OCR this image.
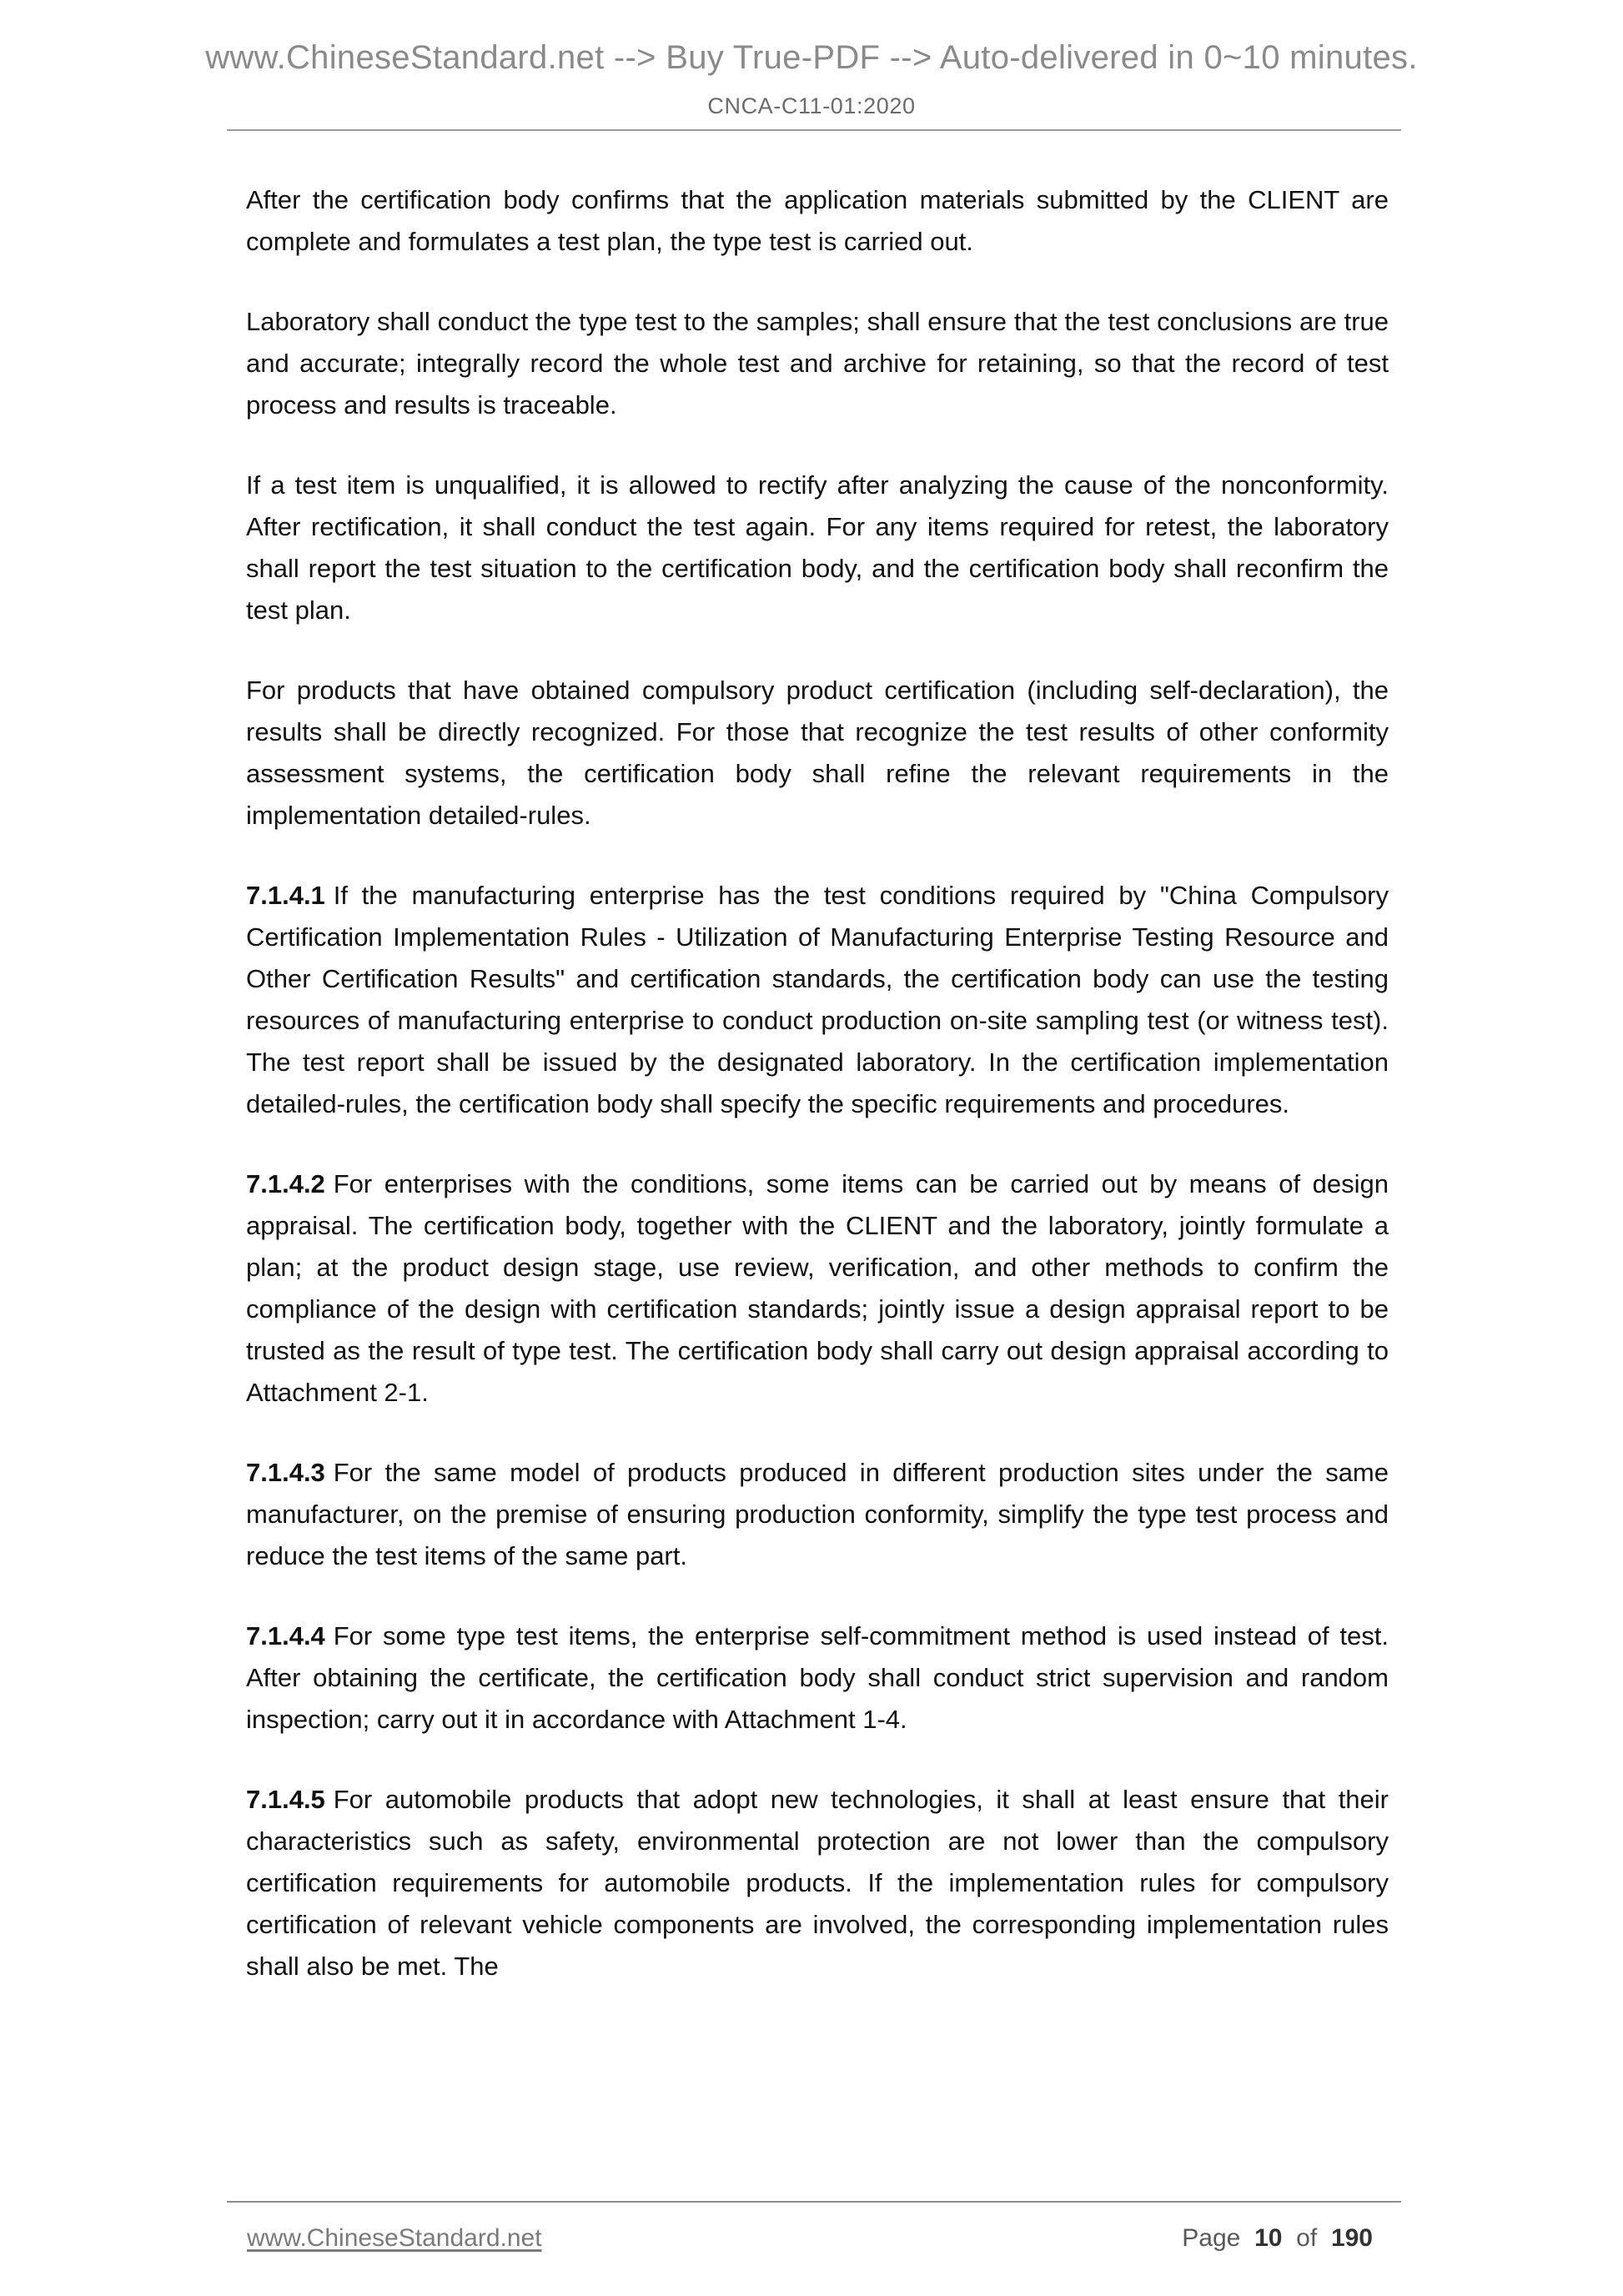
www.ChineseStandard.net --> Buy True-PDF --> Auto-delivered in 0~10 minutes.
CNCA-C11-01:2020

After the certification body confirms that the application materials submitted by the CLIENT are complete and formulates a test plan, the type test is carried out.

Laboratory shall conduct the type test to the samples; shall ensure that the test conclusions are true and accurate; integrally record the whole test and archive for retaining, so that the record of test process and results is traceable.

If a test item is unqualified, it is allowed to rectify after analyzing the cause of the nonconformity. After rectification, it shall conduct the test again. For any items required for retest, the laboratory shall report the test situation to the certification body, and the certification body shall reconfirm the test plan.

For products that have obtained compulsory product certification (including self-declaration), the results shall be directly recognized. For those that recognize the test results of other conformity assessment systems, the certification body shall refine the relevant requirements in the implementation detailed-rules.

7.1.4.1 If the manufacturing enterprise has the test conditions required by "China Compulsory Certification Implementation Rules - Utilization of Manufacturing Enterprise Testing Resource and Other Certification Results" and certification standards, the certification body can use the testing resources of manufacturing enterprise to conduct production on-site sampling test (or witness test). The test report shall be issued by the designated laboratory. In the certification implementation detailed-rules, the certification body shall specify the specific requirements and procedures.

7.1.4.2 For enterprises with the conditions, some items can be carried out by means of design appraisal. The certification body, together with the CLIENT and the laboratory, jointly formulate a plan; at the product design stage, use review, verification, and other methods to confirm the compliance of the design with certification standards; jointly issue a design appraisal report to be trusted as the result of type test. The certification body shall carry out design appraisal according to Attachment 2-1.

7.1.4.3 For the same model of products produced in different production sites under the same manufacturer, on the premise of ensuring production conformity, simplify the type test process and reduce the test items of the same part.

7.1.4.4 For some type test items, the enterprise self-commitment method is used instead of test. After obtaining the certificate, the certification body shall conduct strict supervision and random inspection; carry out it in accordance with Attachment 1-4.

7.1.4.5 For automobile products that adopt new technologies, it shall at least ensure that their characteristics such as safety, environmental protection are not lower than the compulsory certification requirements for automobile products. If the implementation rules for compulsory certification of relevant vehicle components are involved, the corresponding implementation rules shall also be met. The

www.ChineseStandard.net	Page 10 of 190
